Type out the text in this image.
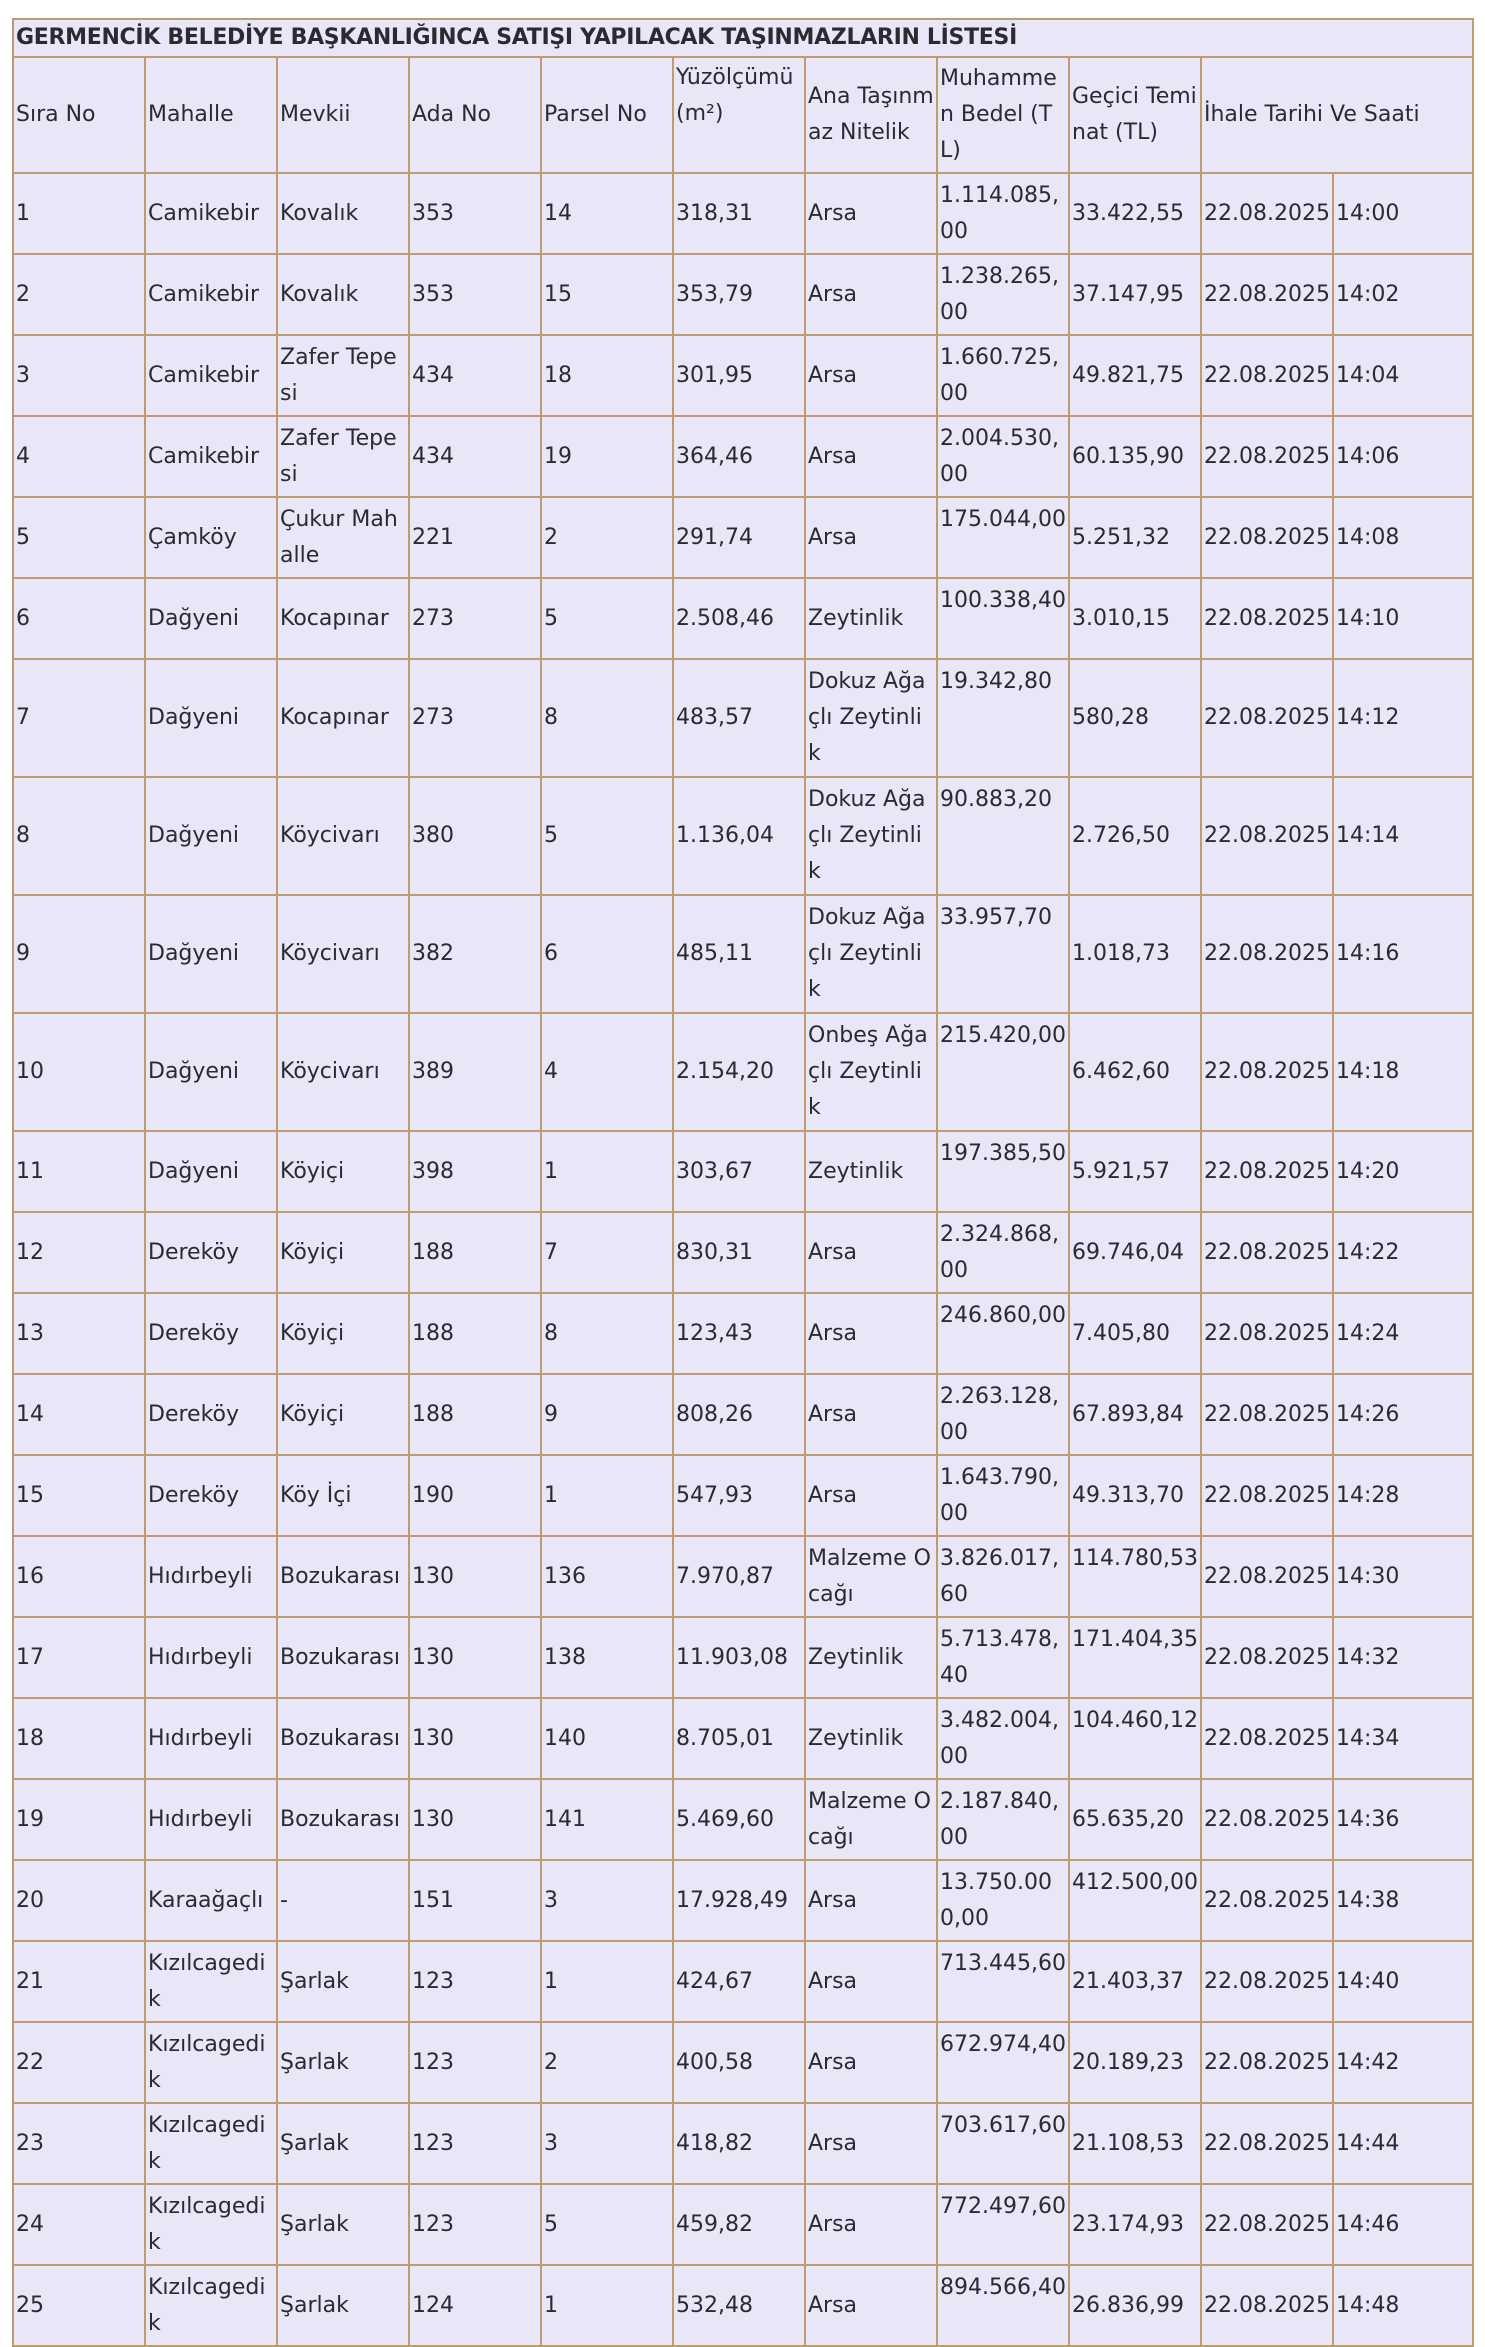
GERMENCİK BELEDİYE BAŞKANLIĞINCA SATIŞI YAPILACAK TAŞINMAZLARIN LİSTESİ										
Sıra No	Mahalle	Mevkii	Ada No	Parsel No	Yüzölçümü (m²)	Ana Taşınmaz Nitelik	Muhammen Bedel (TL)	Geçici Teminat (TL)	İhale Tarihi Ve Saati	
1	Camikebir	Kovalık	353	14	318,31	Arsa	1.114.085,00	33.422,55	22.08.2025	14:00
2	Camikebir	Kovalık	353	15	353,79	Arsa	1.238.265,00	37.147,95	22.08.2025	14:02
3	Camikebir	Zafer Tepesi	434	18	301,95	Arsa	1.660.725,00	49.821,75	22.08.2025	14:04
4	Camikebir	Zafer Tepesi	434	19	364,46	Arsa	2.004.530,00	60.135,90	22.08.2025	14:06
5	Çamköy	Çukur Mahalle	221	2	291,74	Arsa	175.044,00	5.251,32	22.08.2025	14:08
6	Dağyeni	Kocapınar	273	5	2.508,46	Zeytinlik	100.338,40	3.010,15	22.08.2025	14:10
7	Dağyeni	Kocapınar	273	8	483,57	Dokuz Ağaçlı Zeytinlik	19.342,80	580,28	22.08.2025	14:12
8	Dağyeni	Köycivarı	380	5	1.136,04	Dokuz Ağaçlı Zeytinlik	90.883,20	2.726,50	22.08.2025	14:14
9	Dağyeni	Köycivarı	382	6	485,11	Dokuz Ağaçlı Zeytinlik	33.957,70	1.018,73	22.08.2025	14:16
10	Dağyeni	Köycivarı	389	4	2.154,20	Onbeş Ağaçlı Zeytinlik	215.420,00	6.462,60	22.08.2025	14:18
11	Dağyeni	Köyiçi	398	1	303,67	Zeytinlik	197.385,50	5.921,57	22.08.2025	14:20
12	Dereköy	Köyiçi	188	7	830,31	Arsa	2.324.868,00	69.746,04	22.08.2025	14:22
13	Dereköy	Köyiçi	188	8	123,43	Arsa	246.860,00	7.405,80	22.08.2025	14:24
14	Dereköy	Köyiçi	188	9	808,26	Arsa	2.263.128,00	67.893,84	22.08.2025	14:26
15	Dereköy	Köy İçi	190	1	547,93	Arsa	1.643.790,00	49.313,70	22.08.2025	14:28
16	Hıdırbeyli	Bozukarası	130	136	7.970,87	Malzeme Ocağı	3.826.017,60	114.780,53	22.08.2025	14:30
17	Hıdırbeyli	Bozukarası	130	138	11.903,08	Zeytinlik	5.713.478,40	171.404,35	22.08.2025	14:32
18	Hıdırbeyli	Bozukarası	130	140	8.705,01	Zeytinlik	3.482.004,00	104.460,12	22.08.2025	14:34
19	Hıdırbeyli	Bozukarası	130	141	5.469,60	Malzeme Ocağı	2.187.840,00	65.635,20	22.08.2025	14:36
20	Karaağaçlı	-	151	3	17.928,49	Arsa	13.750.000,00	412.500,00	22.08.2025	14:38
21	Kızılcagedik	Şarlak	123	1	424,67	Arsa	713.445,60	21.403,37	22.08.2025	14:40
22	Kızılcagedik	Şarlak	123	2	400,58	Arsa	672.974,40	20.189,23	22.08.2025	14:42
23	Kızılcagedik	Şarlak	123	3	418,82	Arsa	703.617,60	21.108,53	22.08.2025	14:44
24	Kızılcagedik	Şarlak	123	5	459,82	Arsa	772.497,60	23.174,93	22.08.2025	14:46
25	Kızılcagedik	Şarlak	124	1	532,48	Arsa	894.566,40	26.836,99	22.08.2025	14:48
